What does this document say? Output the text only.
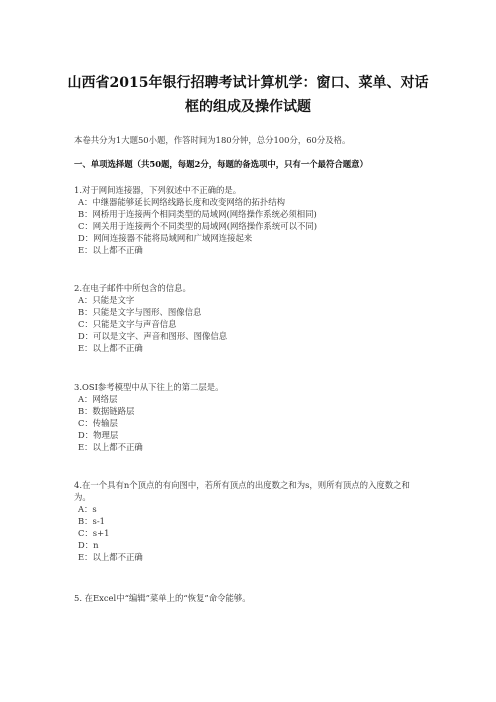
山西省2015年银行招聘考试计算机学：窗口、菜单、对话
框的组成及操作试题
本卷共分为1大题50小题，作答时间为180分钟，总分100分，60分及格。
一、单项选择题（共50题，每题2分，每题的备选项中，只有一个最符合题意）
1.对于网间连接器，下列叙述中不正确的是。
A：中继器能够延长网络线路长度和改变网络的拓扑结构
B：网桥用于连接两个相同类型的局域网(网络操作系统必须相同)
C：网关用于连接两个不同类型的局域网(网络操作系统可以不同)
D：网间连接器不能将局域网和广域网连接起来
E：以上都不正确
2.在电子邮件中所包含的信息。
A：只能是文字
B：只能是文字与图形、图像信息
C：只能是文字与声音信息
D：可以是文字、声音和图形、图像信息
E：以上都不正确
3.OSI参考模型中从下往上的第二层是。
A：网络层
B：数据链路层
C：传输层
D：物理层
E：以上都不正确
4.在一个具有n个顶点的有向图中，若所有顶点的出度数之和为s，则所有顶点的入度数之和为。
A：s
B：s-1
C：s+1
D：n
E：以上都不正确
5. 在Excel中“编辑”菜单上的“恢复”命令能够。
